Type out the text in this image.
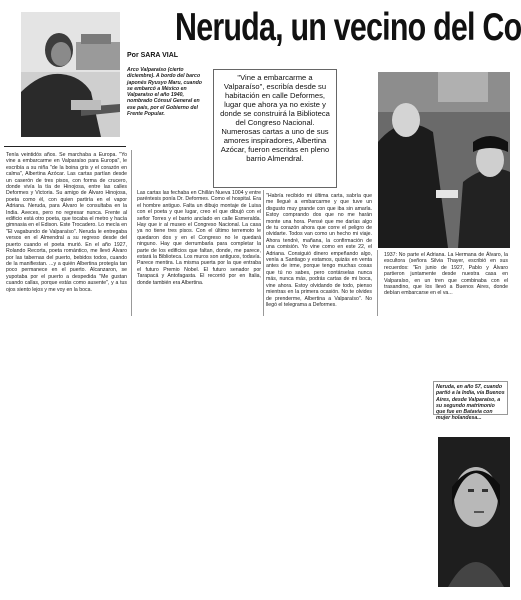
Neruda, un vecino del Co
Por SARA VIAL
Arco Valparaíso (cierto diciembre). A bordo del barco japonés Ryusyo Maru, cuando se embarcó a México en Valparaíso el año 1940, nombrado Cónsul General en ese país, por el Gobierno del Frente Popular.
"Vine a embarcarme a Valparaíso", escribía desde su habitación en calle Deformes, lugar que ahora ya no existe y donde se construirá la Biblioteca del Congreso Nacional. Numerosas cartas a uno de sus amores inspiradores, Albertina Azócar, fueron escritas en pleno barrio Almendral.
Tenía veintidós años. Se marchaba a Europa. "Yo vine a embarcarme en Valparaíso para Europa", le escribía a su niña "de la boina gris y el corazón en calma", Albertina Azócar. Las cartas partían desde un caserón de tres pisos, con forma de crucero, donde vivía la tía de Hinojosa, entre las calles Deformes y Victoria. Su amigo de Álvaro Hinojosa, poeta como él, con quien partiría en el vapor Adriana. Neruda, para Álvaro le consultaba en la India. Aveces, pero no regresar nunca. Frente al edificio está otro poeta, que tocaba el metro y hacía gimnasia en el Edison. Este Trocadero. Lo mecía en "El vagabundo de Valparaíso". Neruda le entregaba versos en el Almendral a su regreso desde del puerto cuando el poeta murió. En el año 1927, Rolando Recorta, poeta romántico, me llevó Álvaro por las tabernas del puerto, bebidos todos, cuando de la manifiestan. ...y a quién Albertina protegía tan poco permanece en el puerto. Alcanzaron, se yupotaba por el puerto a despedida "Me gustan cuando callas, porque estás como ausente", y a tus ojos siento lejos y me voy en la boca.
Las cartas las fechaba en Chillán Nueva 1004 y entre paréntesis ponía Dr. Deformes. Como el hospital. Era el hombre antiguo. Falta un dibujo montaje de Luisa con el poeta y que lugar, creo el que dibujó con el señor Torres y el barrio anclado en calle Esmeralda. Hay que ir al museo el Congreso Nacional. La casa ya no tiene tres pisos. Con el último terremoto le quedaron dos y en el Congreso no le quedará ninguno. Hay que derrumbarla para completar la parte de los edificios que faltan, donde, me parece, estará la Biblioteca. Los muros son antiguos, todavía. Parece mentira. La misma puerta por la que entraba el futuro Premio Nobel. El futuro senador por Tarapacá y Antofagasta. El recorrió por en Italia, donde también era Albertina.
"Habría recibido mi última carta, sabría que me llegué a embarcarme y que tuve un disgusto muy grande con que iba sin amarla. Estoy comprando dos que no me harán monte una hora. Pensé que me darías algo de tu corazón ahora que corre el peligro de olvidarte. Todos van como un hecho mi viaje. Ahora tendré, mañana, la confirmación de una comisión. Yo vine como en este 22, el Adriana. Consiguió dinero empeñando algo, venía a Santiago y estamos, quizás en venta antes de irme, porque tengo muchas cosas que tú no sabes, pero contárselas nunca más, nunca más, podrás cartas de mi boca, vine ahora. Estoy olvidando de todo, pienso mientras en la primera ocasión. No te olvides de prenderme, Albertina a Valparaíso". No llegó el telegrama a Deformes.
1937: No parte el Adriana. La Hermana de Álvaro, la escultora (señora Silvia Thayer, escribió en sus recuerdos: "En junio de 1927, Pablo y Álvaro partieron juntamente desde nuestra casa en Valparaíso, en un tren que combinaba con el trasandino, que los llevó a Buenos Aires, donde debían embarcarse en el va...
Neruda, en año 57, cuando partió a la India, vía Buenos Aires, desde Valparaíso, a su segundo matrimonio que fue en Batavia con mujer holandesa...
